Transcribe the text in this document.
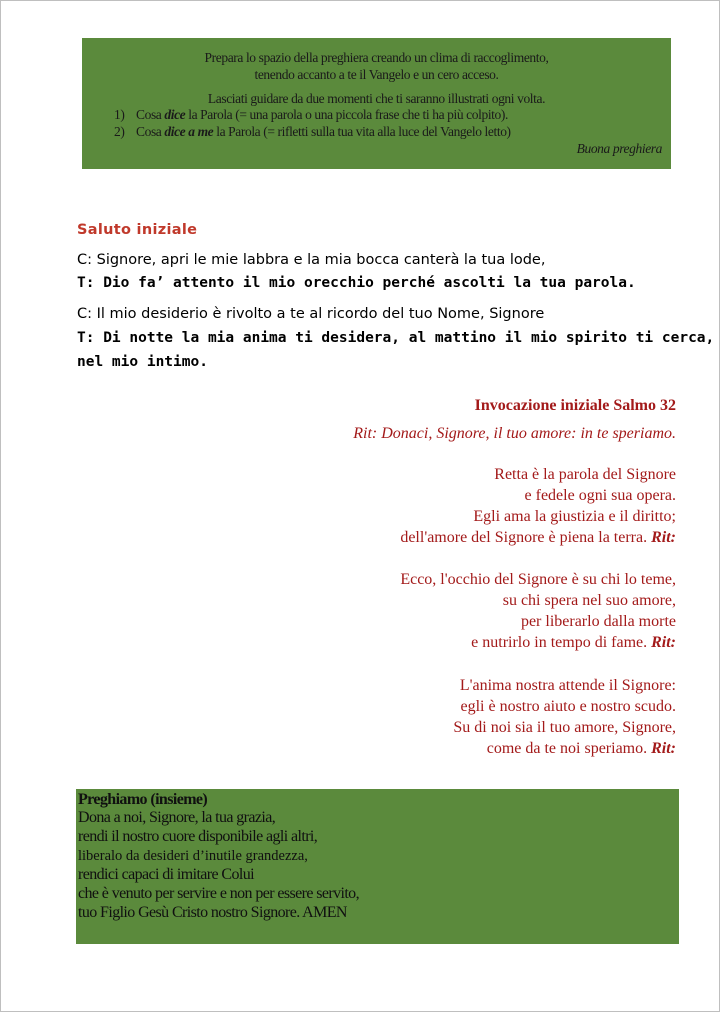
Prepara lo spazio della preghiera creando un clima di raccoglimento,
tenendo accanto a te il Vangelo e un cero acceso.
Lasciati guidare da due momenti che ti saranno illustrati ogni volta.
1) Cosa dice la Parola (= una parola o una piccola frase che ti ha più colpito).
2) Cosa dice a me la Parola (= rifletti sulla tua vita alla luce del Vangelo letto)
Buona preghiera
Saluto iniziale
C: Signore, apri le mie labbra e la mia bocca canterà la tua lode,
T: Dio fa’ attento il mio orecchio perché ascolti la tua parola.
C: Il mio desiderio è rivolto a te al ricordo del tuo Nome, Signore
T: Di notte la mia anima ti desidera, al mattino il mio spirito ti cerca,
nel mio intimo.
Invocazione iniziale Salmo 32
Rit: Donaci, Signore, il tuo amore: in te speriamo.
Retta è la parola del Signore
e fedele ogni sua opera.
Egli ama la giustizia e il diritto;
dell'amore del Signore è piena la terra. Rit:
Ecco, l'occhio del Signore è su chi lo teme,
su chi spera nel suo amore,
per liberarlo dalla morte
e nutrirlo in tempo di fame. Rit:
L'anima nostra attende il Signore:
egli è nostro aiuto e nostro scudo.
Su di noi sia il tuo amore, Signore,
come da te noi speriamo. Rit:
Preghiamo (insieme)
Dona a noi, Signore, la tua grazia,
rendi il nostro cuore disponibile agli altri,
liberalo da desideri d’inutile grandezza,
rendici capaci di imitare Colui
che è venuto per servire e non per essere servito,
tuo Figlio Gesù Cristo nostro Signore. AMEN
